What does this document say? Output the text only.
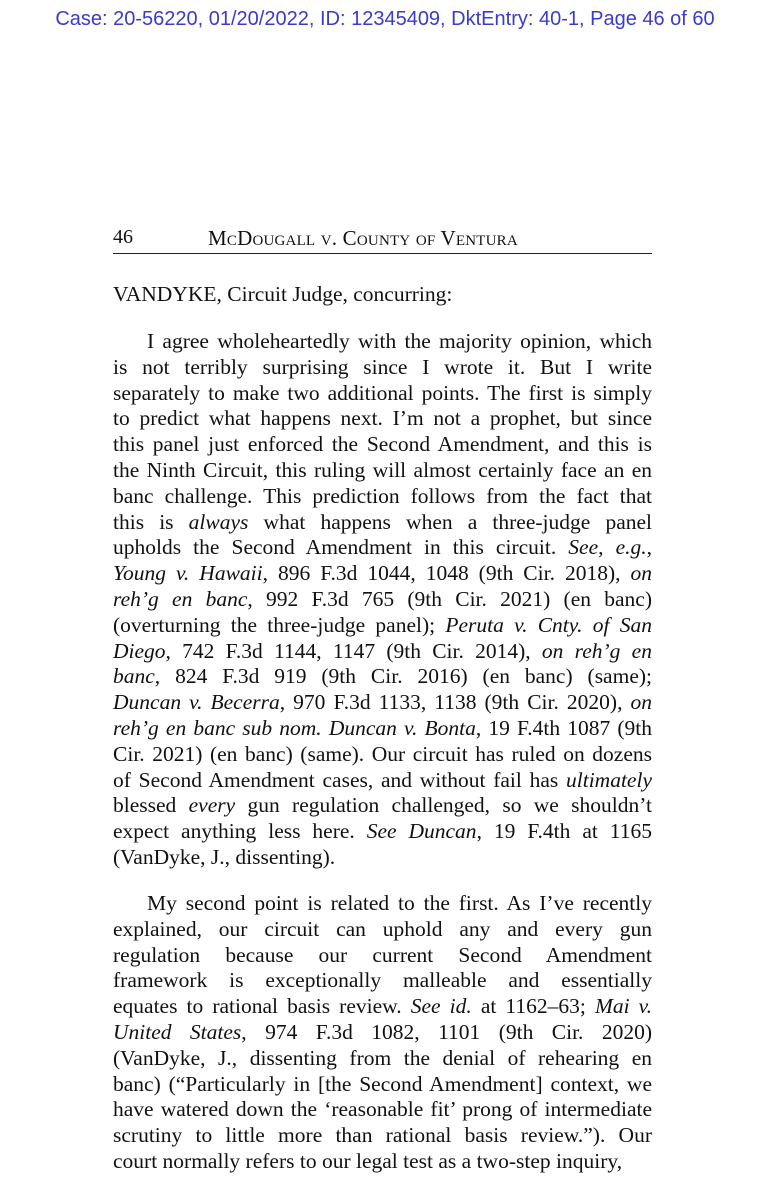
Case: 20-56220, 01/20/2022, ID: 12345409, DktEntry: 40-1, Page 46 of 60
46	McDougall v. County of Ventura
VANDYKE, Circuit Judge, concurring:
I agree wholeheartedly with the majority opinion, which
is not terribly surprising since I wrote it. But I write
separately to make two additional points. The first is simply
to predict what happens next. I’m not a prophet, but since
this panel just enforced the Second Amendment, and this is
the Ninth Circuit, this ruling will almost certainly face an en
banc challenge. This prediction follows from the fact that
this is always what happens when a three-judge panel
upholds the Second Amendment in this circuit. See, e.g.,
Young v. Hawaii, 896 F.3d 1044, 1048 (9th Cir. 2018), on
reh’g en banc, 992 F.3d 765 (9th Cir. 2021) (en banc)
(overturning the three-judge panel); Peruta v. Cnty. of San
Diego, 742 F.3d 1144, 1147 (9th Cir. 2014), on reh’g en
banc, 824 F.3d 919 (9th Cir. 2016) (en banc) (same);
Duncan v. Becerra, 970 F.3d 1133, 1138 (9th Cir. 2020), on
reh’g en banc sub nom. Duncan v. Bonta, 19 F.4th 1087 (9th
Cir. 2021) (en banc) (same). Our circuit has ruled on dozens
of Second Amendment cases, and without fail has ultimately
blessed every gun regulation challenged, so we shouldn’t
expect anything less here. See Duncan, 19 F.4th at 1165
(VanDyke, J., dissenting).
My second point is related to the first. As I’ve recently
explained, our circuit can uphold any and every gun
regulation because our current Second Amendment
framework is exceptionally malleable and essentially
equates to rational basis review. See id. at 1162–63; Mai v.
United States, 974 F.3d 1082, 1101 (9th Cir. 2020)
(VanDyke, J., dissenting from the denial of rehearing en
banc) (“Particularly in [the Second Amendment] context, we
have watered down the ‘reasonable fit’ prong of intermediate
scrutiny to little more than rational basis review.”). Our
court normally refers to our legal test as a two-step inquiry,
